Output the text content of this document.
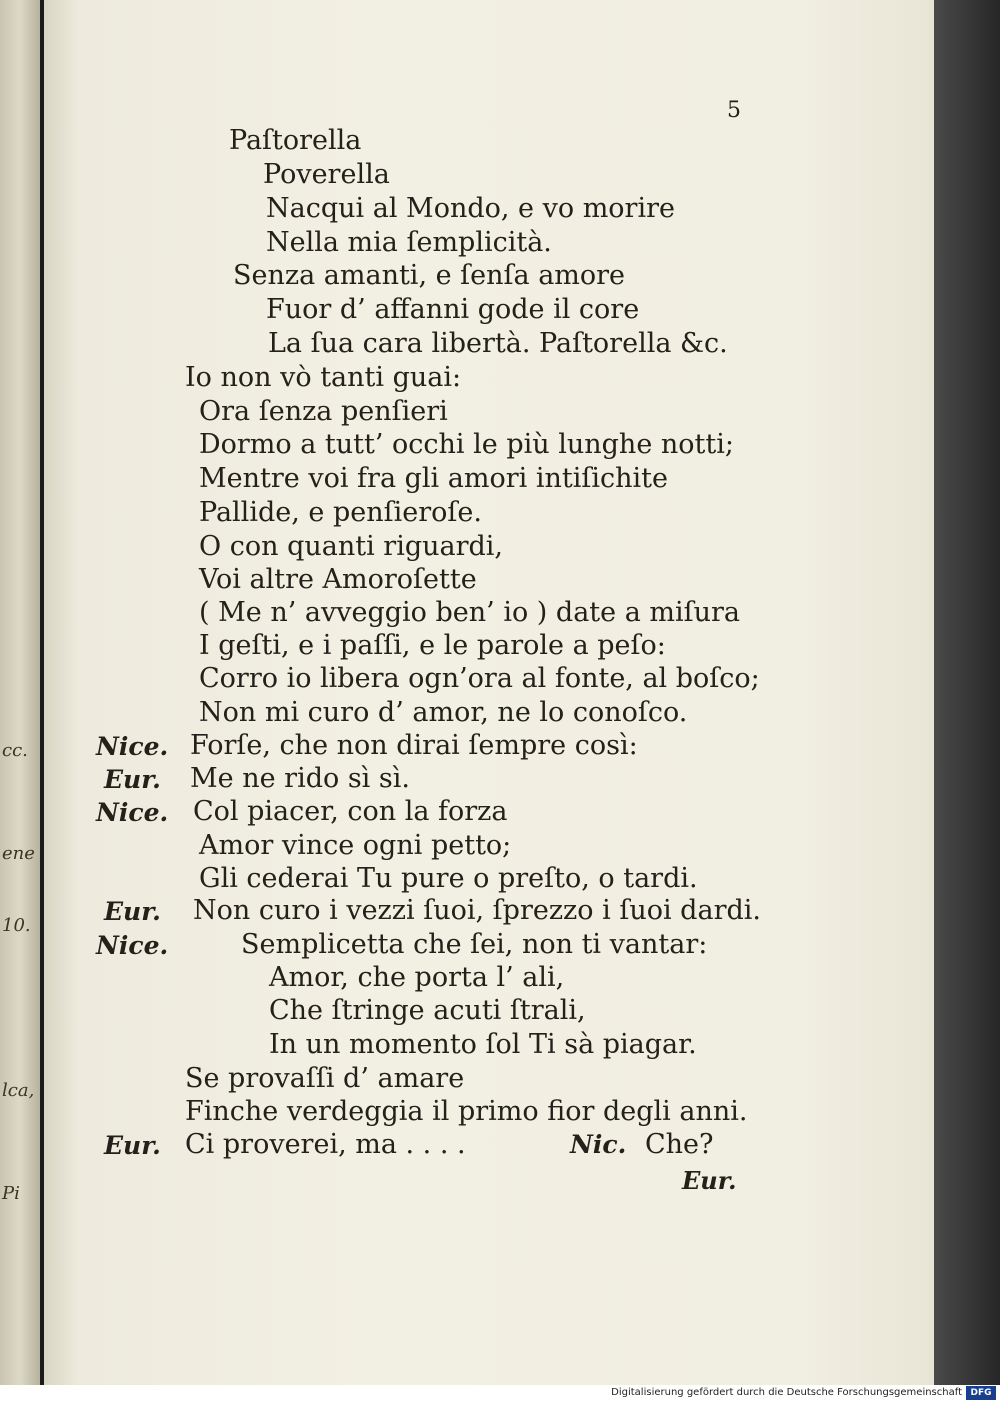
cc.
ene
10.
lca,
Pi
5
Paſtorella
Poverella
Nacqui al Mondo, e vo morire
Nella mia ſemplicità.
Senza amanti, e ſenſa amore
Fuor d’ affanni gode il core
La ſua cara libertà. Paſtorella &c.
Io non vò tanti guai:
Ora ſenza penſieri
Dormo a tutt’ occhi le più lunghe notti;
Mentre voi fra gli amori intiſichite
Pallide, e penſieroſe.
O con quanti riguardi,
Voi altre Amoroſette
( Me n’ avveggio ben’ io ) date a miſura
I geſti, e i paſſi, e le parole a peſo:
Corro io libera ogn’ora al fonte, al boſco;
Non mi curo d’ amor, ne lo conoſco.
Nice. Forſe, che non dirai ſempre così:
Eur. Me ne rido sì sì.
Nice. Col piacer, con la forza
Amor vince ogni petto;
Gli cederai Tu pure o preſto, o tardi.
Eur. Non curo i vezzi ſuoi, ſprezzo i ſuoi dardi.
Nice.	Semplicetta che ſei, non ti vantar:
Amor, che porta l’ ali,
Che ſtringe acuti ſtrali,
In un momento ſol Ti sà piagar.
Se provaſſi d’ amare
Finche verdeggia il primo fior degli anni.
Eur. Ci proverei, ma . . . .	Nic. Che?
Eur.
Digitalisierung gefördert durch die Deutsche Forschungsgemeinschaft DFG
